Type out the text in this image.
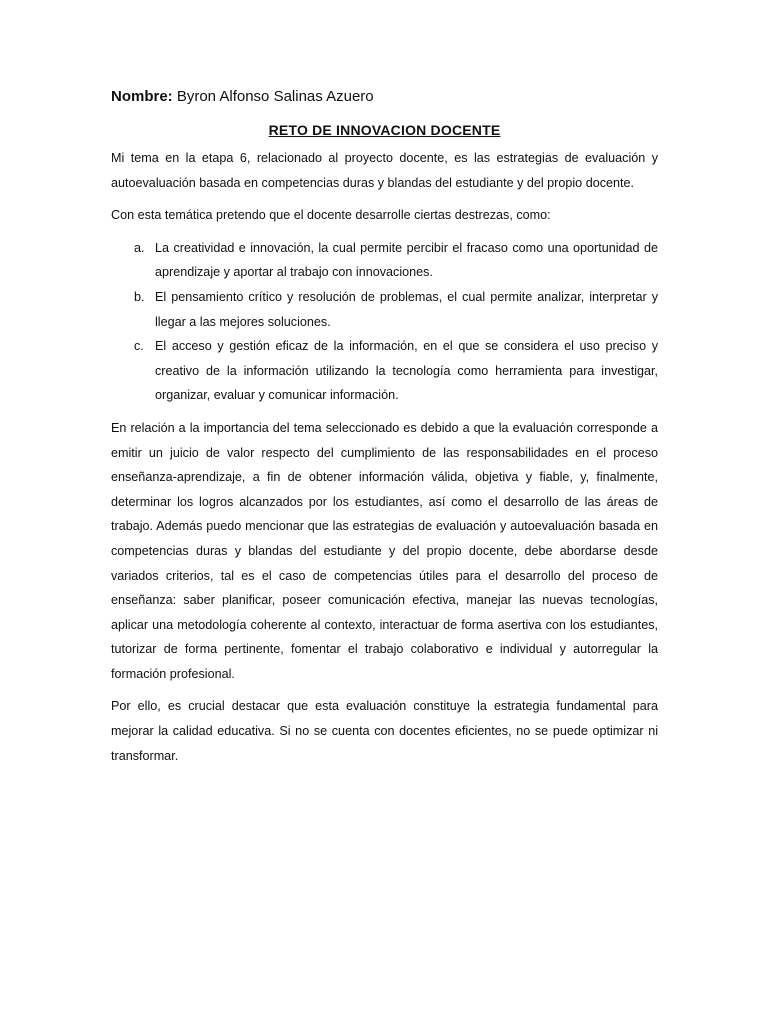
Nombre: Byron Alfonso Salinas Azuero
RETO DE INNOVACION DOCENTE

Mi tema en la etapa 6, relacionado al proyecto docente, es las estrategias de evaluación y autoevaluación basada en competencias duras y blandas del estudiante y del propio docente.

Con esta temática pretendo que el docente desarrolle ciertas destrezas, como:

a. La creatividad e innovación, la cual permite percibir el fracaso como una oportunidad de aprendizaje y aportar al trabajo con innovaciones.
b. El pensamiento crítico y resolución de problemas, el cual permite analizar, interpretar y llegar a las mejores soluciones.
c. El acceso y gestión eficaz de la información, en el que se considera el uso preciso y creativo de la información utilizando la tecnología como herramienta para investigar, organizar, evaluar y comunicar información.

En relación a la importancia del tema seleccionado es debido a que la evaluación corresponde a emitir un juicio de valor respecto del cumplimiento de las responsabilidades en el proceso enseñanza-aprendizaje, a fin de obtener información válida, objetiva y fiable, y, finalmente, determinar los logros alcanzados por los estudiantes, así como el desarrollo de las áreas de trabajo. Además puedo mencionar que las estrategias de evaluación y autoevaluación basada en competencias duras y blandas del estudiante y del propio docente, debe abordarse desde variados criterios, tal es el caso de competencias útiles para el desarrollo del proceso de enseñanza: saber planificar, poseer comunicación efectiva, manejar las nuevas tecnologías, aplicar una metodología coherente al contexto, interactuar de forma asertiva con los estudiantes, tutorizar de forma pertinente, fomentar el trabajo colaborativo e individual y autorregular la formación profesional.

Por ello, es crucial destacar que esta evaluación constituye la estrategia fundamental para mejorar la calidad educativa. Si no se cuenta con docentes eficientes, no se puede optimizar ni transformar.
